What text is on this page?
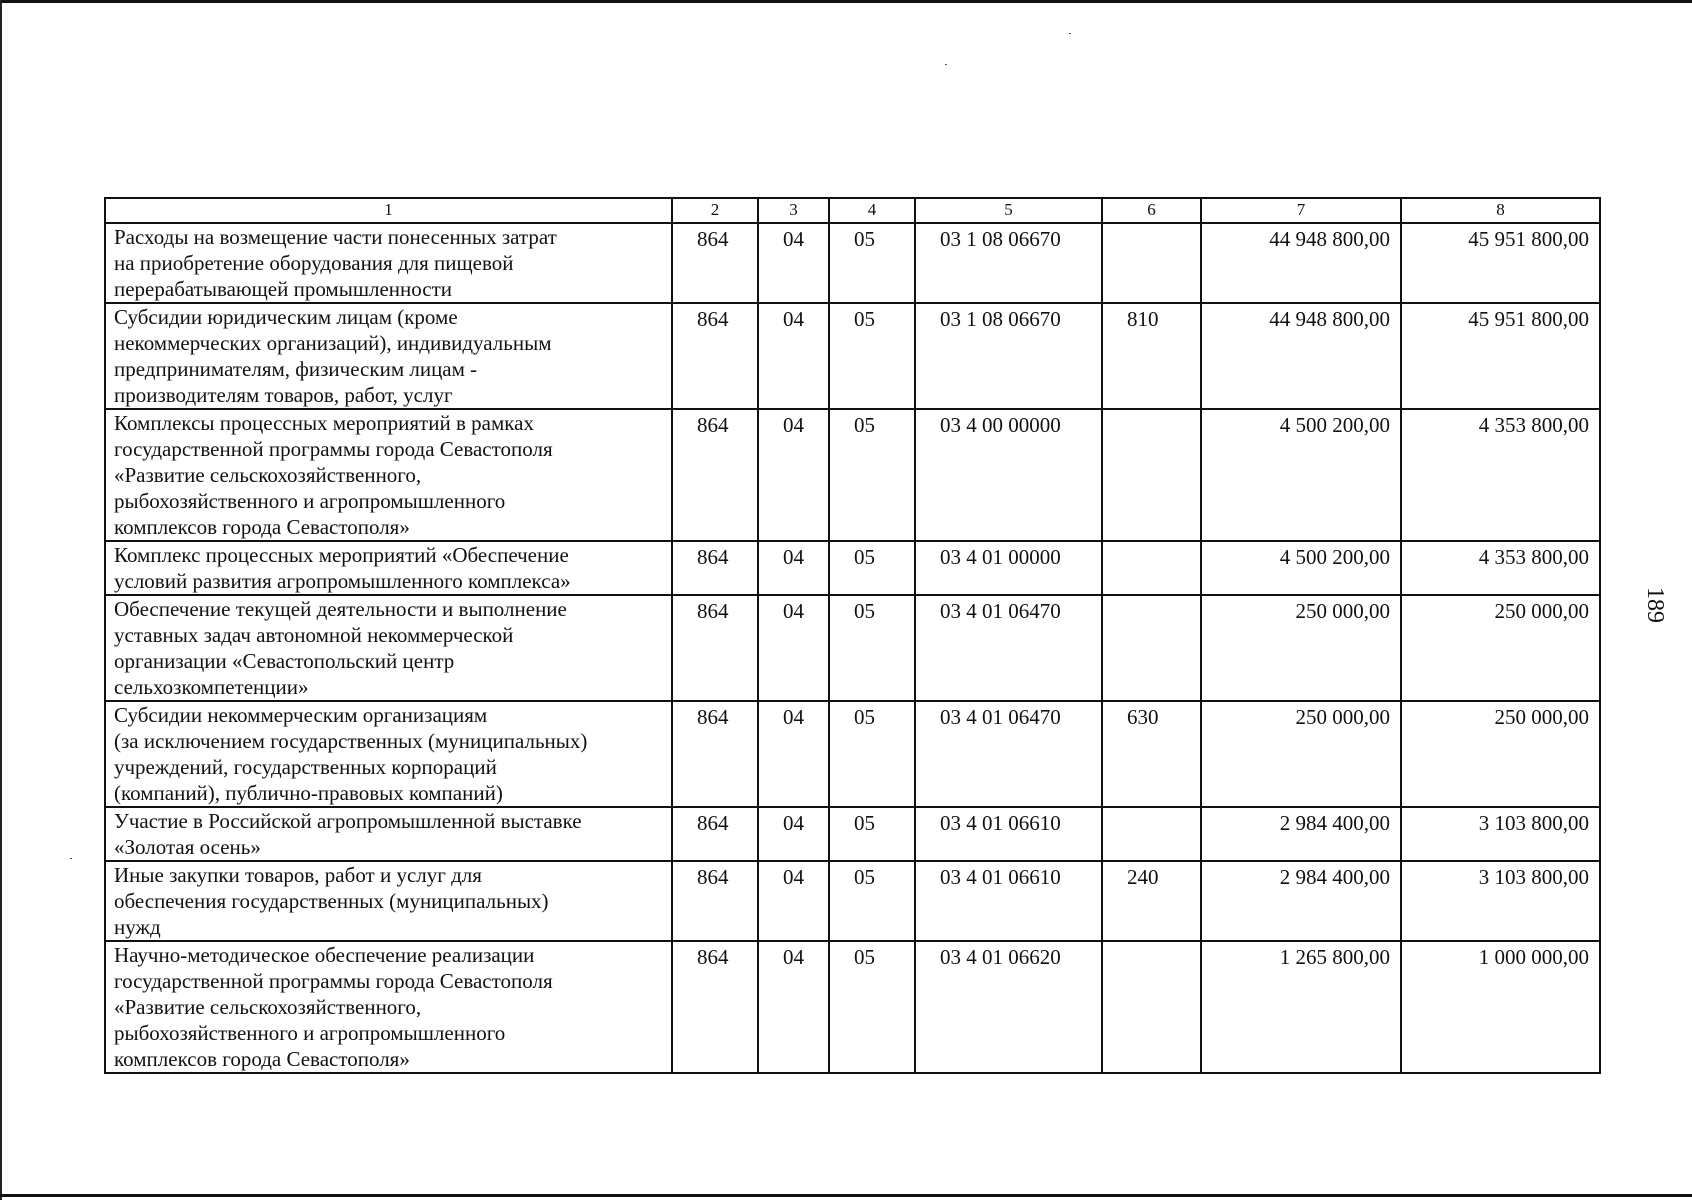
189
1	2	3	4	5	6	7	8

Расходы на возмещение части понесенных затрат
на приобретение оборудования для пищевой
перерабатывающей промышленности	864	04	05	03 1 08 06670		44 948 800,00	45 951 800,00

Субсидии юридическим лицам (кроме
некоммерческих организаций), индивидуальным
предпринимателям, физическим лицам -
производителям товаров, работ, услуг	864	04	05	03 1 08 06670	810	44 948 800,00	45 951 800,00

Комплексы процессных мероприятий в рамках
государственной программы города Севастополя
«Развитие сельскохозяйственного,
рыбохозяйственного и агропромышленного
комплексов города Севастополя»	864	04	05	03 4 00 00000		4 500 200,00	4 353 800,00

Комплекс процессных мероприятий «Обеспечение
условий развития агропромышленного комплекса»	864	04	05	03 4 01 00000		4 500 200,00	4 353 800,00

Обеспечение текущей деятельности и выполнение
уставных задач автономной некоммерческой
организации «Севастопольский центр
сельхозкомпетенции»	864	04	05	03 4 01 06470		250 000,00	250 000,00

Субсидии некоммерческим организациям
(за исключением государственных (муниципальных)
учреждений, государственных корпораций
(компаний), публично-правовых компаний)	864	04	05	03 4 01 06470	630	250 000,00	250 000,00

Участие в Российской агропромышленной выставке
«Золотая осень»	864	04	05	03 4 01 06610		2 984 400,00	3 103 800,00

Иные закупки товаров, работ и услуг для
обеспечения государственных (муниципальных)
нужд	864	04	05	03 4 01 06610	240	2 984 400,00	3 103 800,00

Научно-методическое обеспечение реализации
государственной программы города Севастополя
«Развитие сельскохозяйственного,
рыбохозяйственного и агропромышленного
комплексов города Севастополя»	864	04	05	03 4 01 06620		1 265 800,00	1 000 000,00
